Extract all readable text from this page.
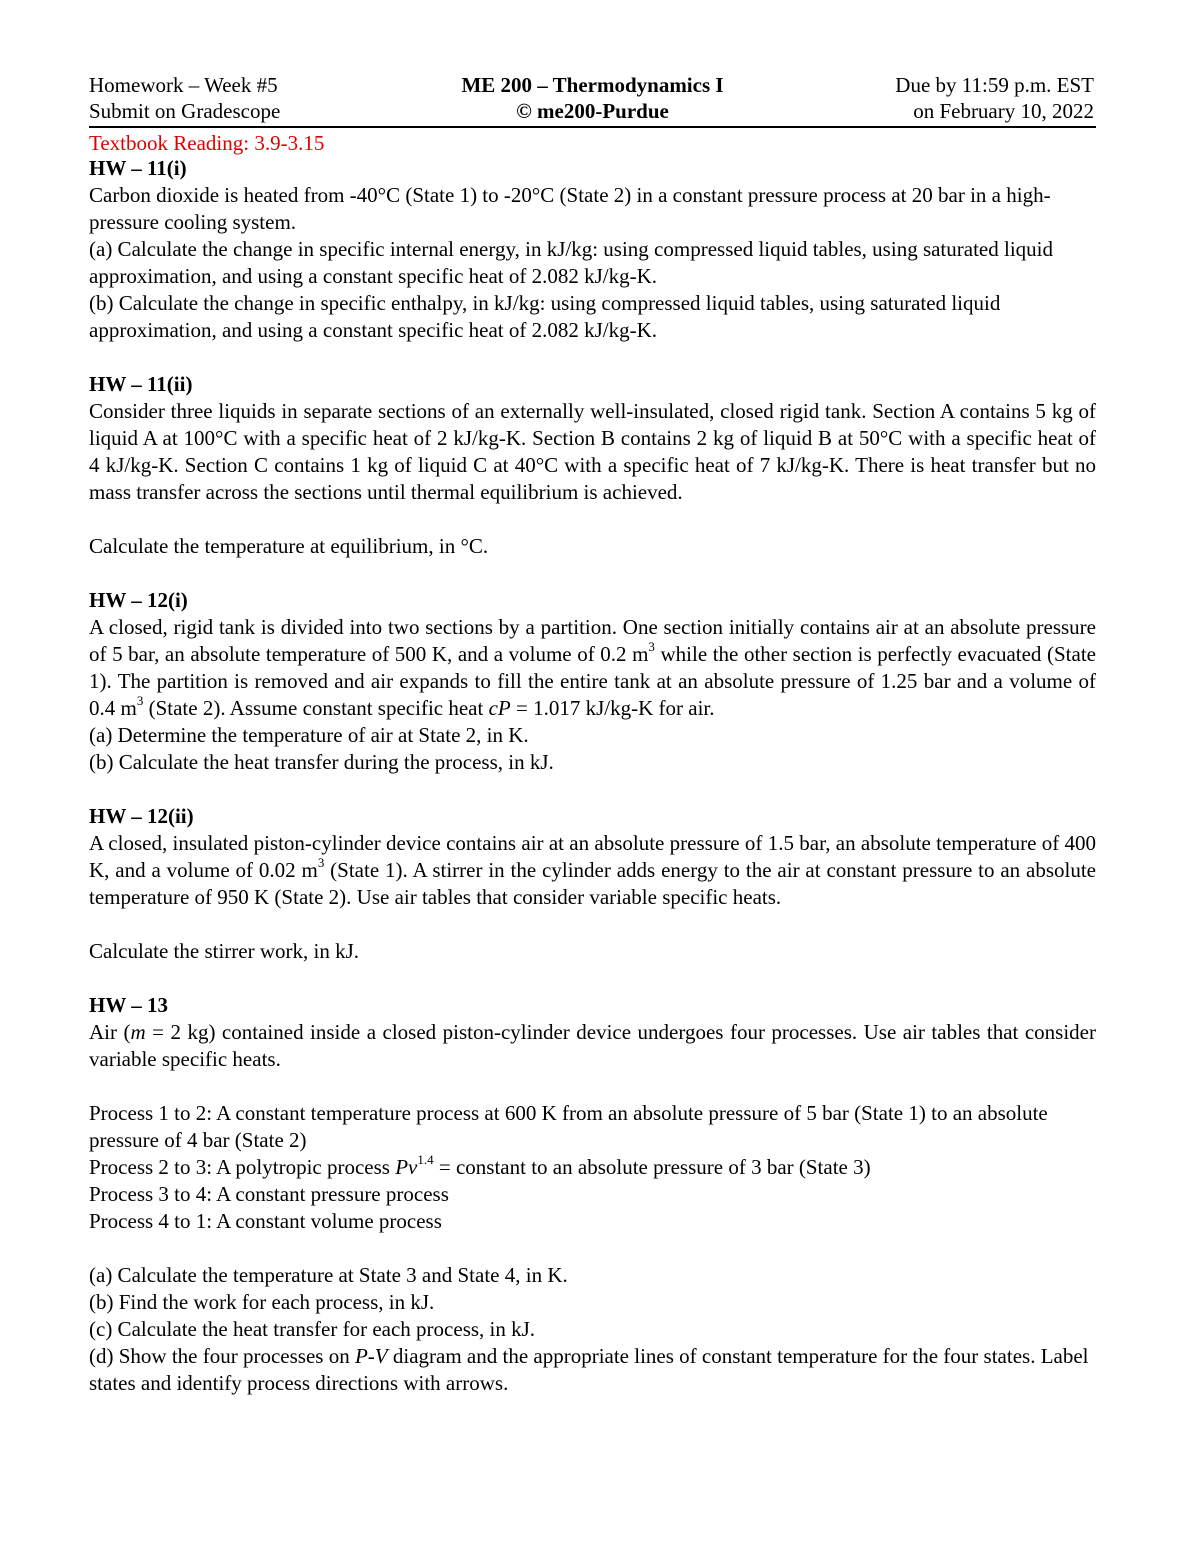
Homework – Week #5
Submit on Gradescope
ME 200 – Thermodynamics I
© me200-Purdue
Due by 11:59 p.m. EST
on February 10, 2022
Textbook Reading: 3.9-3.15
HW – 11(i)

Carbon dioxide is heated from -40°C (State 1) to -20°C (State 2) in a constant pressure process at 20 bar in a high-pressure cooling system.

(a) Calculate the change in specific internal energy, in kJ/kg: using compressed liquid tables, using saturated liquid approximation, and using a constant specific heat of 2.082 kJ/kg-K.

(b) Calculate the change in specific enthalpy, in kJ/kg: using compressed liquid tables, using saturated liquid approximation, and using a constant specific heat of 2.082 kJ/kg-K.

HW – 11(ii)

Consider three liquids in separate sections of an externally well-insulated, closed rigid tank. Section A contains 5 kg of liquid A at 100°C with a specific heat of 2 kJ/kg-K. Section B contains 2 kg of liquid B at 50°C with a specific heat of 4 kJ/kg-K. Section C contains 1 kg of liquid C at 40°C with a specific heat of 7 kJ/kg-K. There is heat transfer but no mass transfer across the sections until thermal equilibrium is achieved.

Calculate the temperature at equilibrium, in °C.

HW – 12(i)

A closed, rigid tank is divided into two sections by a partition. One section initially contains air at an absolute pressure of 5 bar, an absolute temperature of 500 K, and a volume of 0.2 $m^3$ while the other section is perfectly evacuated (State 1). The partition is removed and air expands to fill the entire tank at an absolute pressure of 1.25 bar and a volume of 0.4 $m^3$ (State 2). Assume constant specific heat cP = 1.017 kJ/kg-K for air.

(a) Determine the temperature of air at State 2, in K.

(b) Calculate the heat transfer during the process, in kJ.

HW – 12(ii)

A closed, insulated piston-cylinder device contains air at an absolute pressure of 1.5 bar, an absolute temperature of 400 K, and a volume of 0.02 $m^3$ (State 1). A stirrer in the cylinder adds energy to the air at constant pressure to an absolute temperature of 950 K (State 2). Use air tables that consider variable specific heats.

Calculate the stirrer work, in kJ.

HW – 13

Air (m = 2 kg) contained inside a closed piston-cylinder device undergoes four processes. Use air tables that consider variable specific heats.

Process 1 to 2: A constant temperature process at 600 K from an absolute pressure of 5 bar (State 1) to an absolute pressure of 4 bar (State 2)

Process 2 to 3: A polytropic process $Pv^{1.4}$ = constant to an absolute pressure of 3 bar (State 3)

Process 3 to 4: A constant pressure process

Process 4 to 1: A constant volume process

(a) Calculate the temperature at State 3 and State 4, in K.

(b) Find the work for each process, in kJ.

(c) Calculate the heat transfer for each process, in kJ.

(d) Show the four processes on P-V diagram and the appropriate lines of constant temperature for the four states. Label states and identify process directions with arrows.
